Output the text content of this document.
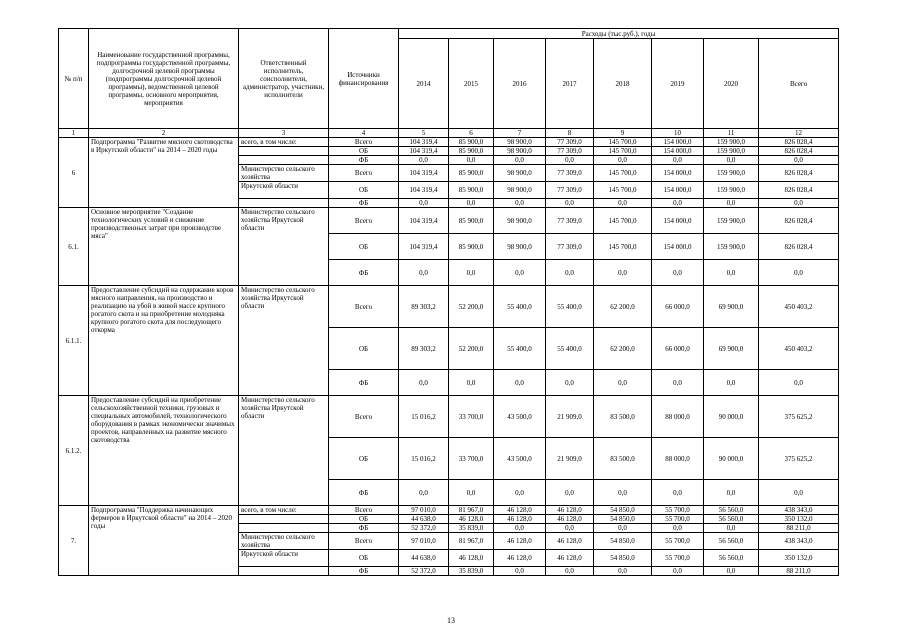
№ п/п	Наименование государственной программы, подпрограммы государственной программы, долгосрочной целевой программы (подпрограммы долгосрочной целевой программы), ведомственной целевой программы, основного мероприятия, мероприятия	Ответственный исполнитель, соисполнители, администратор, участники, исполнители	Источники финансирования	Расходы (тыс.руб.), годы							
				2014	2015	2016	2017	2018	2019	2020	Всего
1	2	3	4	5	6	7	8	9	10	11	12
6	Подпрограмма "Развитие мясного скотоводства в Иркутской области" на 2014 – 2020 годы	всего, в том числе:	Всего	104 319,4	85 900,0	98 900,0	77 309,0	145 700,0	154 000,0	159 900,0	826 028,4
			ОБ	104 319,4	85 900,0	98 900,0	77 309,0	145 700,0	154 000,0	159 900,0	826 028,4
			ФБ	0,0	0,0	0,0	0,0	0,0	0,0	0,0	0,0
		Министерство сельского хозяйства	Всего	104 319,4	85 900,0	98 900,0	77 309,0	145 700,0	154 000,0	159 900,0	826 028,4
		Иркутской области	ОБ	104 319,4	85 900,0	98 900,0	77 309,0	145 700,0	154 000,0	159 900,0	826 028,4
			ФБ	0,0	0,0	0,0	0,0	0,0	0,0	0,0	0,0
6.1.	Основное мероприятие "Создание технологических условий и снижение производственных затрат при производстве мяса"	Министерство сельского хозяйства Иркутской области	Всего	104 319,4	85 900,0	98 900,0	77 309,0	145 700,0	154 000,0	159 900,0	826 028,4
			ОБ	104 319,4	85 900,0	98 900,0	77 309,0	145 700,0	154 000,0	159 900,0	826 028,4
			ФБ	0,0	0,0	0,0	0,0	0,0	0,0	0,0	0,0
6.1.1.	Предоставление субсидий на содержание коров мясного направления, на производство и реализацию на убой в живой массе крупного рогатого скота и на приобретение молодняка крупного рогатого скота для последующего откорма	Министерство сельского хозяйства Иркутской области	Всего	89 303,2	52 200,0	55 400,0	55 400,0	62 200,0	66 000,0	69 900,0	450 403,2
			ОБ	89 303,2	52 200,0	55 400,0	55 400,0	62 200,0	66 000,0	69 900,0	450 403,2
			ФБ	0,0	0,0	0,0	0,0	0,0	0,0	0,0	0,0
6.1.2.	Предоставление субсидий на приобретение сельскохозяйственной техники, грузовых и специальных автомобилей, технологического оборудования в рамках экономически значимых проектов, направленных на развитие мясного скотоводства	Министерство сельского хозяйства Иркутской области	Всего	15 016,2	33 700,0	43 500,0	21 909,0	83 500,0	88 000,0	90 000,0	375 625,2
			ОБ	15 016,2	33 700,0	43 500,0	21 909,0	83 500,0	88 000,0	90 000,0	375 625,2
			ФБ	0,0	0,0	0,0	0,0	0,0	0,0	0,0	0,0
7.	Подпрограмма "Поддержка начинающих фермеров в Иркутской области" на 2014 – 2020 годы	всего, в том числе:	Всего	97 010,0	81 967,0	46 128,0	46 128,0	54 850,0	55 700,0	56 560,0	438 343,0
			ОБ	44 638,0	46 128,0	46 128,0	46 128,0	54 850,0	55 700,0	56 560,0	350 132,0
			ФБ	52 372,0	35 839,0	0,0	0,0	0,0	0,0	0,0	88 211,0
		Министерство сельского хозяйства	Всего	97 010,0	81 967,0	46 128,0	46 128,0	54 850,0	55 700,0	56 560,0	438 343,0
		Иркутской области	ОБ	44 638,0	46 128,0	46 128,0	46 128,0	54 850,0	55 700,0	56 560,0	350 132,0
			ФБ	52 372,0	35 839,0	0,0	0,0	0,0	0,0	0,0	88 211,0
13
